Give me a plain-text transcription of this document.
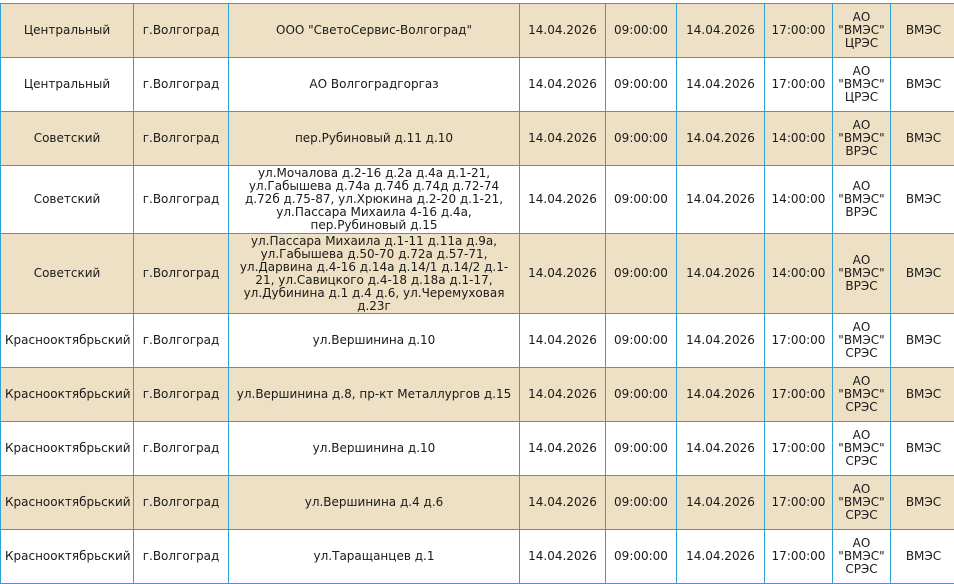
Центральный	г.Волгоград	ООО "СветоСервис-Волгоград"	14.04.2026	09:00:00	14.04.2026	17:00:00	АО
"ВМЭС"
ЦРЭС	ВМЭС
Центральный	г.Волгоград	АО Волгоградгоргаз	14.04.2026	09:00:00	14.04.2026	17:00:00	АО
"ВМЭС"
ЦРЭС	ВМЭС
Советский	г.Волгоград	пер.Рубиновый д.11 д.10	14.04.2026	09:00:00	14.04.2026	14:00:00	АО
"ВМЭС"
ВРЭС	ВМЭС
Советский	г.Волгоград	ул.Мочалова д.2-16 д.2а д.4а д.1-21, ул.Габышева д.74а д.74б д.74д д.72-74 д.72б д.75-87, ул.Хрюкина д.2-20 д.1-21, ул.Пассара Михаила 4-16 д.4а, пер.Рубиновый д.15	14.04.2026	09:00:00	14.04.2026	14:00:00	АО
"ВМЭС"
ВРЭС	ВМЭС
Советский	г.Волгоград	ул.Пассара Михаила д.1-11 д.11а д.9а, ул.Габышева д.50-70 д.72а д.57-71, ул.Дарвина д.4-16 д.14а д.14/1 д.14/2 д.1-21, ул.Савицкого д.4-18 д.18а д.1-17, ул.Дубинина д.1 д.4 д.6, ул.Черемуховая д.23г	14.04.2026	09:00:00	14.04.2026	14:00:00	АО
"ВМЭС"
ВРЭС	ВМЭС
Краснооктябрьский	г.Волгоград	ул.Вершинина д.10	14.04.2026	09:00:00	14.04.2026	17:00:00	АО
"ВМЭС"
СРЭС	ВМЭС
Краснооктябрьский	г.Волгоград	ул.Вершинина д.8, пр-кт Металлургов д.15	14.04.2026	09:00:00	14.04.2026	17:00:00	АО
"ВМЭС"
СРЭС	ВМЭС
Краснооктябрьский	г.Волгоград	ул.Вершинина д.10	14.04.2026	09:00:00	14.04.2026	17:00:00	АО
"ВМЭС"
СРЭС	ВМЭС
Краснооктябрьский	г.Волгоград	ул.Вершинина д.4 д.6	14.04.2026	09:00:00	14.04.2026	17:00:00	АО
"ВМЭС"
СРЭС	ВМЭС
Краснооктябрьский	г.Волгоград	ул.Таращанцев д.1	14.04.2026	09:00:00	14.04.2026	17:00:00	АО
"ВМЭС"
СРЭС	ВМЭС
